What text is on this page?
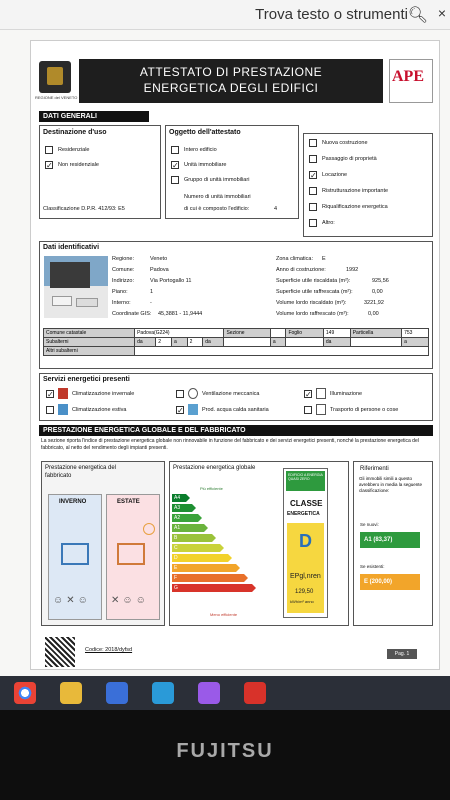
Trova testo o strumenti 🔍︎ ×
REGIONE del VENETO
ATTESTATO DI PRESTAZIONE
ENERGETICA DEGLI EDIFICI
APE
DATI GENERALI
Destinazione d'uso
Residenziale
✓ Non residenziale
Classificazione D.P.R. 412/93: E5
Oggetto dell'attestato
Intero edificio
✓ Unità immobiliare
Gruppo di unità immobiliari
Numero di unità immobiliari
di cui è composto l'edificio:	4
Nuova costruzione
Passaggio di proprietà
✓ Locazione
Ristrutturazione importante
Riqualificazione energetica
Altro:
Dati identificativi
Regione:	Veneto
Comune:	Padova
Indirizzo:	Via Portogallo 11
Piano:	1
Interno:	-
Coordinate GIS: 45,3881 - 11,9444
Zona climatica: E
Anno di costruzione:	1992
Superficie utile riscaldata (m²):	925,56
Superficie utile raffrescata (m²):	0,00
Volume lordo riscaldato (m³):	3221,92
Volume lordo raffrescato (m³):	0,00
Comune catastale	Padova(G224)					Sezione		Foglio	149	Particella	753
Subalterni	da	2	a	2	da		a		da		a
Altri subalterni											
Servizi energetici presenti
✓	Climatizzazione invernale	Ventilazione meccanica	✓	Illuminazione
Climatizzazione estiva	✓	Prod. acqua calda sanitaria	Trasporto di persone o cose
PRESTAZIONE ENERGETICA GLOBALE E DEL FABBRICATO
La sezione riporta l'indice di prestazione energetica globale non rinnovabile in funzione del fabbricato e dei servizi energetici presenti, nonché la prestazione energetica del fabbricato, al netto del rendimento degli impianti presenti.
Prestazione energetica del
fabbricato
INVERNO
☺✕☺
ESTATE
✕☺☺
Prestazione energetica globale
Più efficiente
A4
A3
A2
A1
B
C
D
E
F
G
Meno efficiente
EDIFICIO A ENERGIA QUASI ZERO
CLASSE
ENERGETICA
D
EPgl,nren
129,50
kWh/m² anno
Riferimenti
Gli immobili simili a questo avrebbero in media la seguente classificazione:
Se nuovi:
A1 (83,37)
Se esistenti:
E (200,00)
Codice: 2018/dyfsd
Pag. 1
FUJITSU
